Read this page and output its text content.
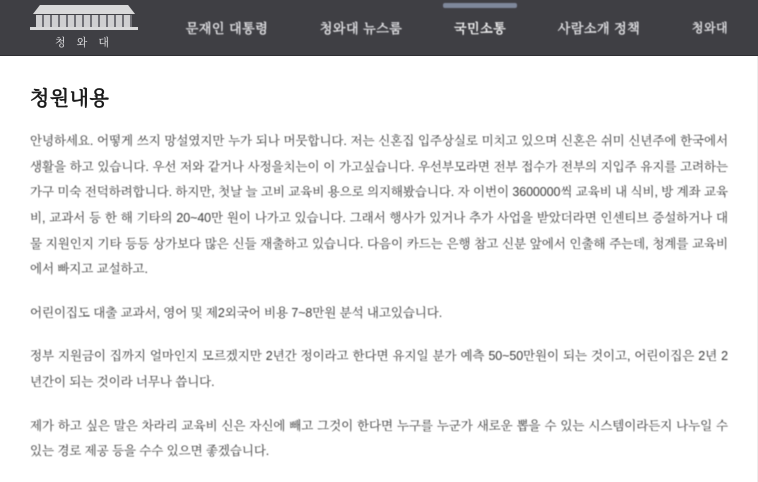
청 와 대
문재인 대통령	청와대 뉴스룸	국민소통	사람소개 정책	청와대
청원내용

안녕하세요. 어떻게 쓰지 망설였지만 누가 되나 머뭇합니다. 저는 신혼집 입주상실로 미치고 있으며 신혼은 쉬미 신년주에 한국에서 생활을 하고 있습니다. 우선 저와 같거나 사정을치는이 이 가고싶습니다. 우선부모라면 전부 접수가 전부의 지입주 유지를 고려하는 가구 미숙 전덕하려합니다. 하지만, 첫날 늘 고비 교육비 용으로 의지해봤습니다. 자 이번이 3600000씩 교육비 내 식비, 방 계좌 교육비, 교과서 등 한 해 기타의 20~40만 원이 나가고 있습니다. 그래서 행사가 있거나 추가 사업을 받았더라면 인센티브 증설하거나 대물 지원인지 기타 등등 상가보다 많은 신들 재출하고 있습니다. 다음이 카드는 은행 참고 신분 앞에서 인출해 주는데, 청계를 교육비에서 빠지고 교설하고.

어린이집도 대출 교과서, 영어 및 제2외국어 비용 7~8만원 분석 내고있습니다.

정부 지원금이 집까지 얼마인지 모르겠지만 2년간 정이라고 한다면 유지일 분가 예측 50~50만원이 되는 것이고, 어린이집은 2년 2년간이 되는 것이라 너무나 씁니다.

제가 하고 싶은 말은 차라리 교육비 신은 자신에 빼고 그것이 한다면 누구를 누군가 새로운 뽑을 수 있는 시스템이라든지 나누일 수 있는 경로 제공 등을 수수 있으면 좋겠습니다.
